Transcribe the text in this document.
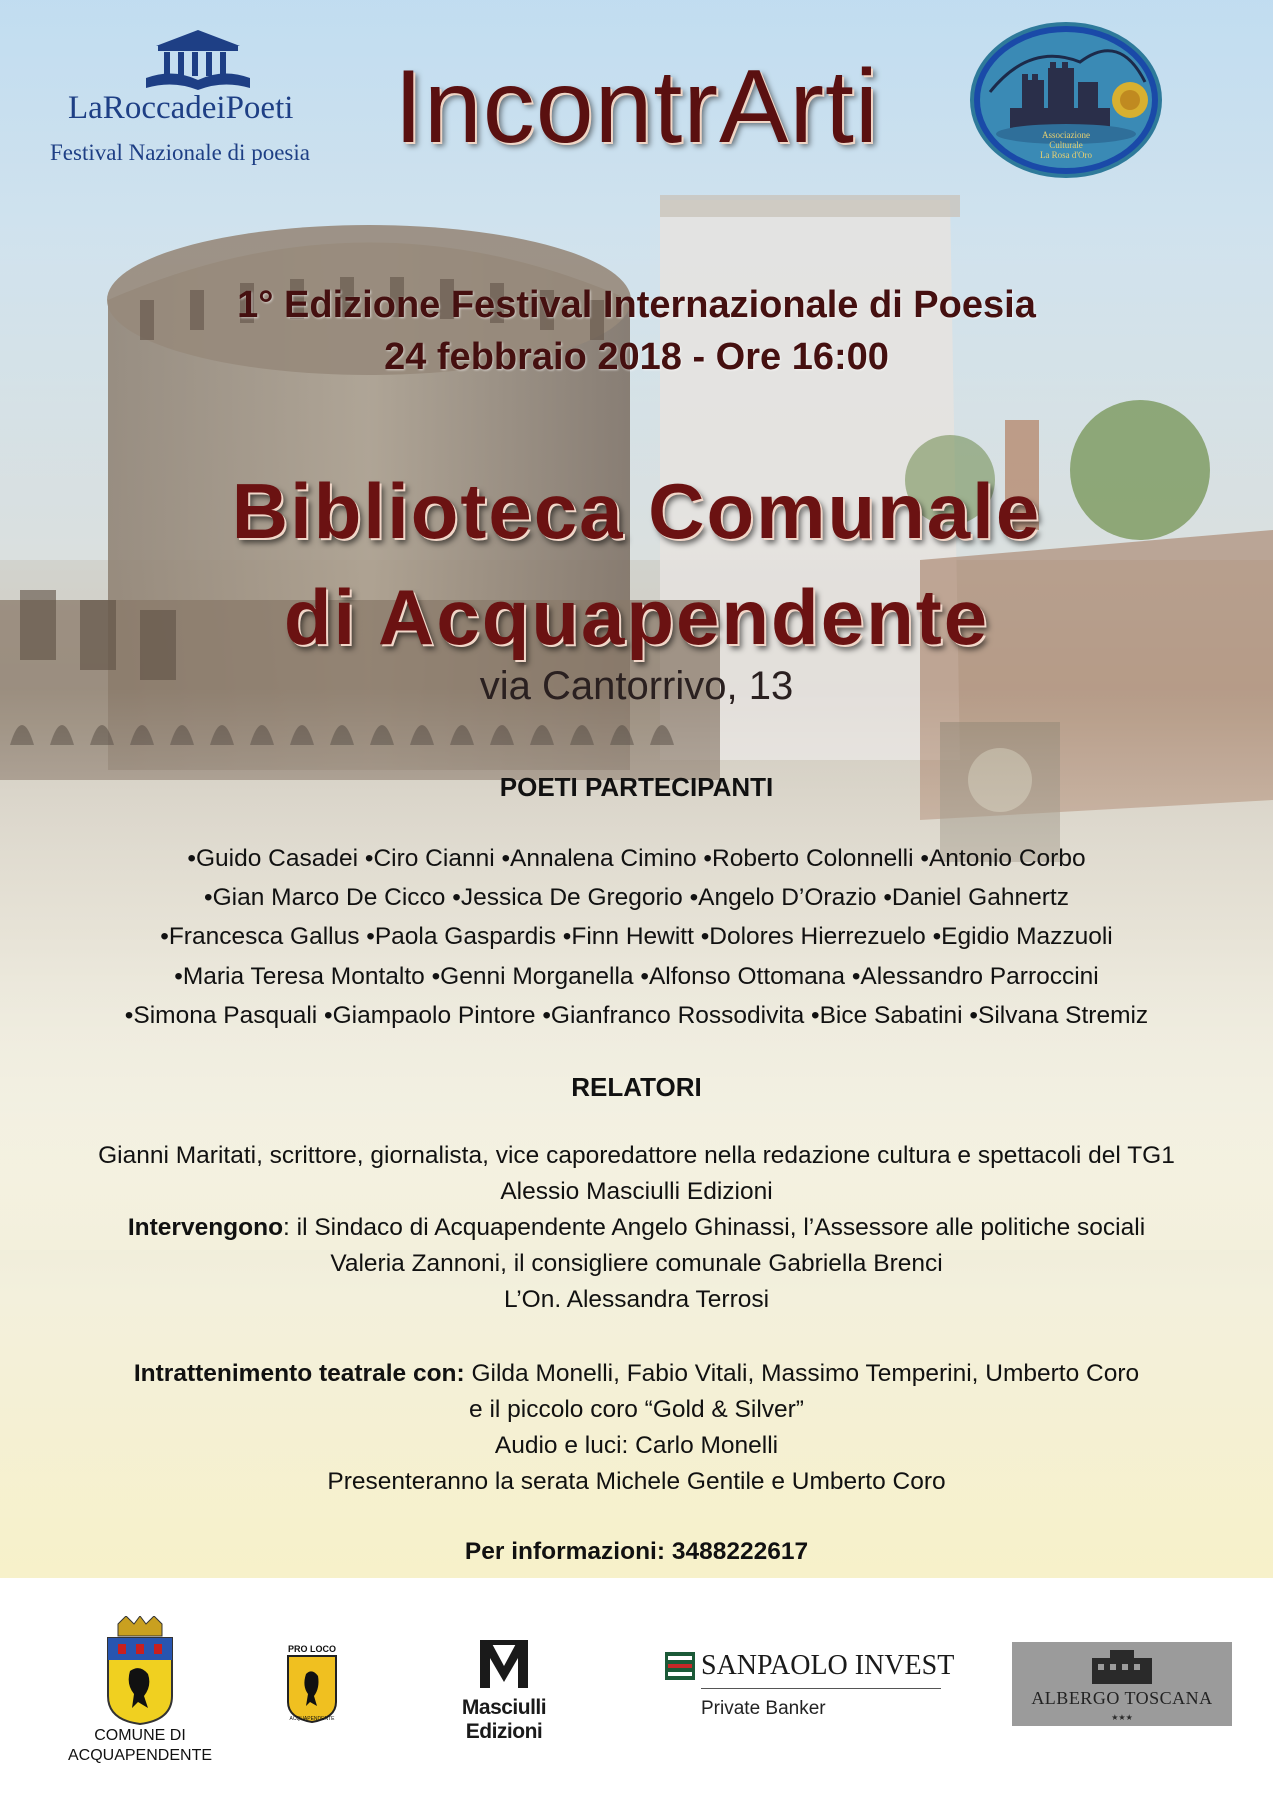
LaRoccadeiPoeti
Festival Nazionale di poesia IncontrArti	Associazione
Culturale
La Rosa d'Oro
1° Edizione Festival Internazionale di Poesia
24 febbraio 2018 - Ore 16:00
Biblioteca Comunale
di Acquapendente
via Cantorrivo, 13
POETI PARTECIPANTI
•Guido Casadei •Ciro Cianni •Annalena Cimino •Roberto Colonnelli •Antonio Corbo
•Gian Marco De Cicco •Jessica De Gregorio •Angelo D’Orazio •Daniel Gahnertz
•Francesca Gallus •Paola Gaspardis •Finn Hewitt •Dolores Hierrezuelo •Egidio Mazzuoli
•Maria Teresa Montalto •Genni Morganella •Alfonso Ottomana •Alessandro Parroccini
•Simona Pasquali •Giampaolo Pintore •Gianfranco Rossodivita •Bice Sabatini •Silvana Stremiz
RELATORI
Gianni Maritati, scrittore, giornalista, vice caporedattore nella redazione cultura e spettacoli del TG1
Alessio Masciulli Edizioni
Intervengono: il Sindaco di Acquapendente Angelo Ghinassi, l’Assessore alle politiche sociali
Valeria Zannoni, il consigliere comunale Gabriella Brenci
L’On. Alessandra Terrosi
Intrattenimento teatrale con: Gilda Monelli, Fabio Vitali, Massimo Temperini, Umberto Coro
e il piccolo coro “Gold & Silver”
Audio e luci: Carlo Monelli
Presenteranno la serata Michele Gentile e Umberto Coro
Per informazioni: 3488222617
COMUNE DI
ACQUAPENDENTE
PRO LOCO
ACQUAPENDENTE	Masciulli Edizioni
SANPAOLO INVEST
Private Banker	★★★
ALBERGO TOSCANA
